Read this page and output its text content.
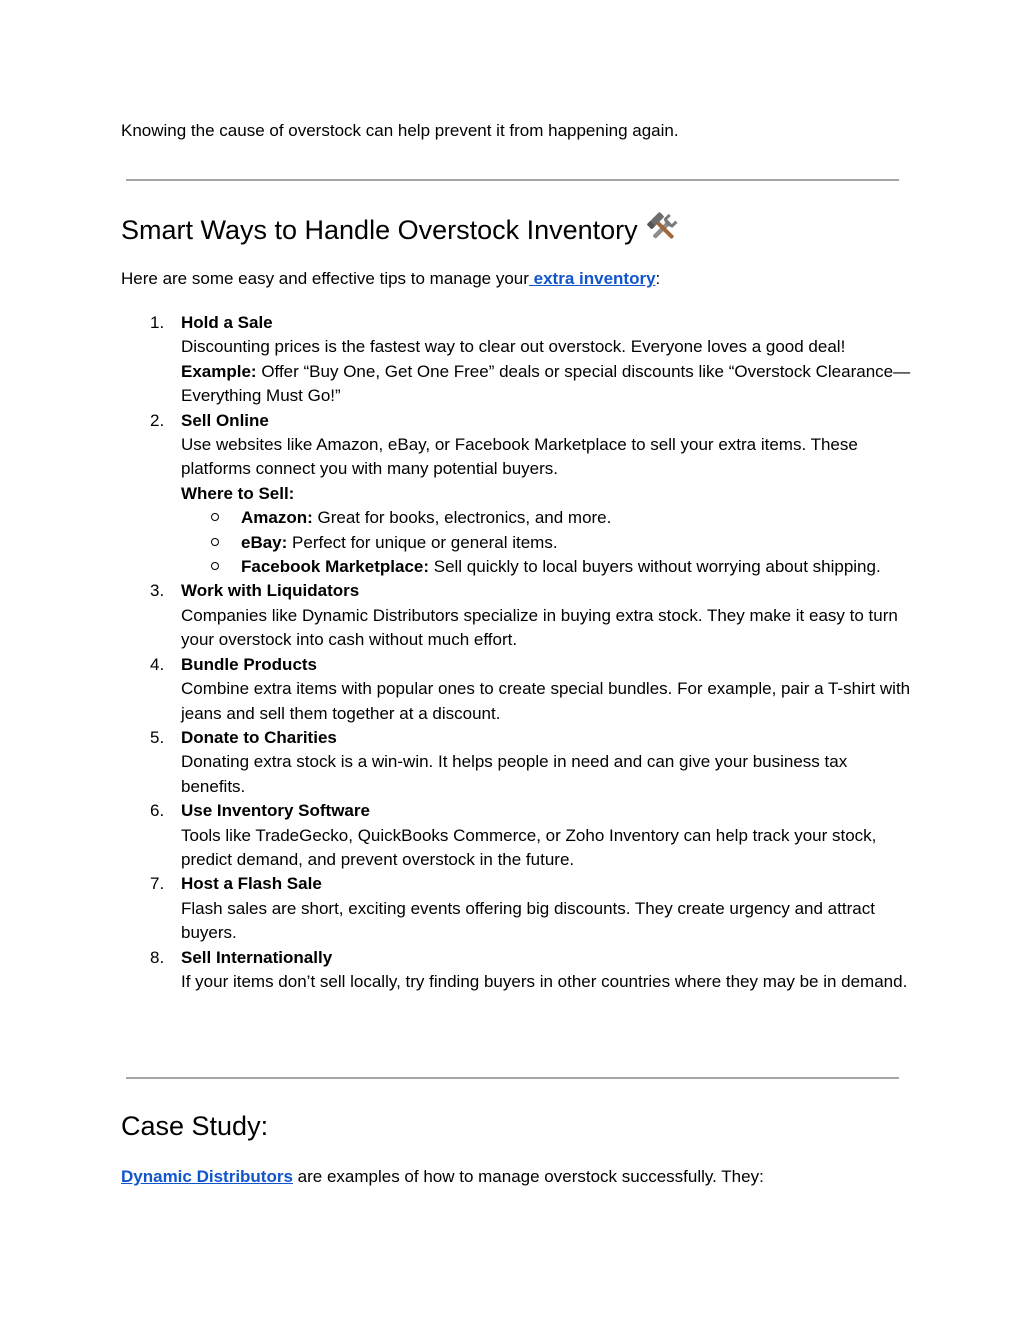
Knowing the cause of overstock can help prevent it from happening again.

Smart Ways to Handle Overstock Inventory

Here are some easy and effective tips to manage your extra inventory:

1. Hold a Sale
Discounting prices is the fastest way to clear out overstock. Everyone loves a good deal!
Example: Offer “Buy One, Get One Free” deals or special discounts like “Overstock Clearance—Everything Must Go!”
2. Sell Online
Use websites like Amazon, eBay, or Facebook Marketplace to sell your extra items. These platforms connect you with many potential buyers.
Where to Sell:
Amazon: Great for books, electronics, and more.
eBay: Perfect for unique or general items.
Facebook Marketplace: Sell quickly to local buyers without worrying about shipping.
3. Work with Liquidators
Companies like Dynamic Distributors specialize in buying extra stock. They make it easy to turn your overstock into cash without much effort.
4. Bundle Products
Combine extra items with popular ones to create special bundles. For example, pair a T-shirt with jeans and sell them together at a discount.
5. Donate to Charities
Donating extra stock is a win-win. It helps people in need and can give your business tax benefits.
6. Use Inventory Software
Tools like TradeGecko, QuickBooks Commerce, or Zoho Inventory can help track your stock, predict demand, and prevent overstock in the future.
7. Host a Flash Sale
Flash sales are short, exciting events offering big discounts. They create urgency and attract buyers.
8. Sell Internationally
If your items don’t sell locally, try finding buyers in other countries where they may be in demand.
Case Study:

Dynamic Distributors are examples of how to manage overstock successfully. They:
